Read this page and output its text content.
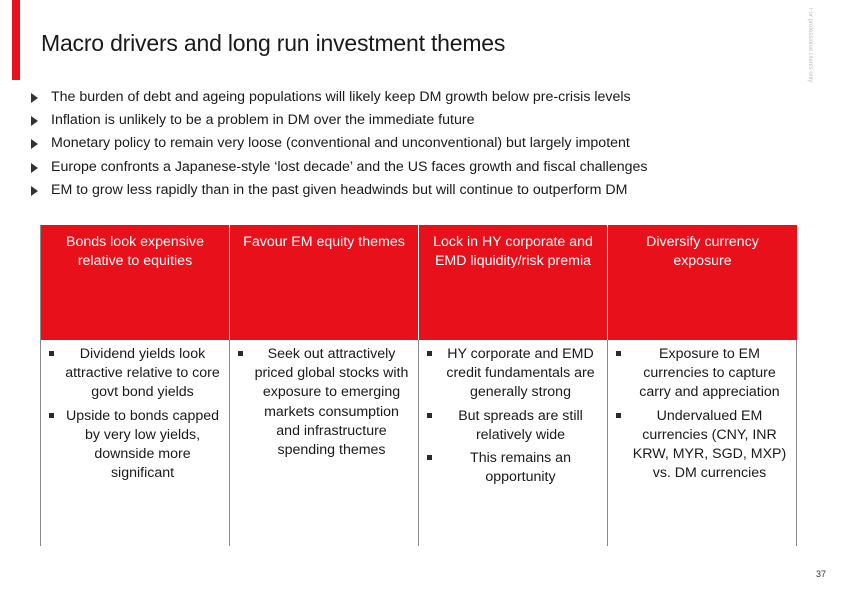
Macro drivers and long run investment themes	For professional clients only
The burden of debt and ageing populations will likely keep DM growth below pre-crisis levels
Inflation is unlikely to be a problem in DM over the immediate future
Monetary policy to remain very loose (conventional and unconventional) but largely impotent
Europe confronts a Japanese-style ‘lost decade’ and the US faces growth and fiscal challenges
EM to grow less rapidly than in the past given headwinds but will continue to outperform DM
Bonds look expensive relative to equities
Favour EM equity themes	Lock in HY corporate and EMD liquidity/risk premia
Diversify currency exposure
Dividend yields look attractive relative to core govt bond yields
Upside to bonds capped by very low yields, downside more significant
Seek out attractively priced global stocks with exposure to emerging markets consumption and infrastructure spending themes
HY corporate and EMD credit fundamentals are generally strong
But spreads are still relatively wide
This remains an opportunity
Exposure to EM currencies to capture carry and appreciation
Undervalued EM currencies (CNY, INR KRW, MYR, SGD, MXP) vs. DM currencies
37
